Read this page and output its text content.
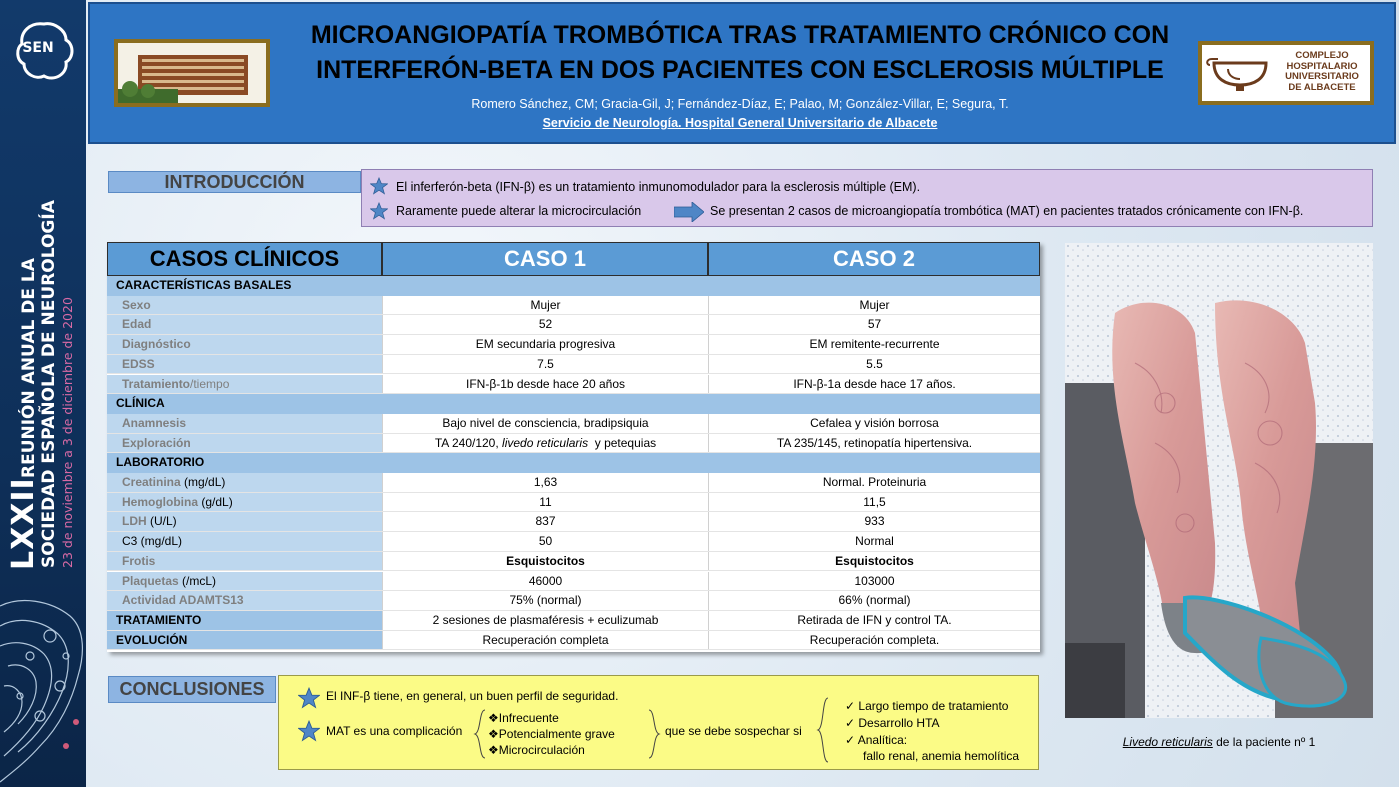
SEN
LXXII
REUNIÓN ANUAL DE LA SOCIEDAD ESPAÑOLA DE NEUROLOGÍA 23 de noviembre a 3 de diciembre de 2020
MICROANGIOPATÍA TROMBÓTICA TRAS TRATAMIENTO CRÓNICO CON
INTERFERÓN-BETA EN DOS PACIENTES CON ESCLEROSIS MÚLTIPLE
Romero Sánchez, CM; Gracia-Gil, J; Fernández-Díaz, E; Palao, M; González-Villar, E; Segura, T.
Servicio de Neurología. Hospital General Universitario de Albacete
COMPLEJO
HOSPITALARIO
UNIVERSITARIO
DE ALBACETE
INTRODUCCIÓN	El inferferón-beta (IFN-β) es un tratamiento inmunomodulador para la esclerosis múltiple (EM).
Raramente puede alterar la microcirculación	Se presentan 2 casos de microangiopatía trombótica (MAT) en pacientes tratados crónicamente con IFN-β.
CASOS CLÍNICOS	CASO 1	CASO 2
CARACTERÍSTICAS BASALES
Sexo	Mujer	Mujer
Edad	52	57
Diagnóstico	EM secundaria progresiva	EM remitente-recurrente
EDSS	7.5	5.5
Tratamiento/tiempo	IFN-β-1b desde hace 20 años	IFN-β-1a desde hace 17 años.
CLÍNICA
Anamnesis	Bajo nivel de consciencia, bradipsiquia	Cefalea y visión borrosa
Exploración	TA 240/120, livedo reticularis  y petequias	TA 235/145, retinopatía hipertensiva.
LABORATORIO
Creatinina (mg/dL)	1,63	Normal. Proteinuria
Hemoglobina (g/dL)	11	11,5
LDH (U/L)	837	933
C3 (mg/dL)	50	Normal
Frotis	Esquistocitos	Esquistocitos
Plaquetas (/mcL)	46000	103000
Actividad ADAMTS13	75% (normal)	66% (normal)
TRATAMIENTO	2 sesiones de plasmaféresis + eculizumab	Retirada de IFN y control TA.
EVOLUCIÓN	Recuperación completa	Recuperación completa.
Livedo reticularis de la paciente nº 1
CONCLUSIONES	El INF-β tiene, en general, un buen perfil de seguridad.
MAT es una complicación
❖Infrecuente
❖Potencialmente grave
❖Microcirculación
que se debe sospechar si
✓ Largo tiempo de tratamiento
✓ Desarrollo HTA
✓ Analítica:
fallo renal, anemia hemolítica
